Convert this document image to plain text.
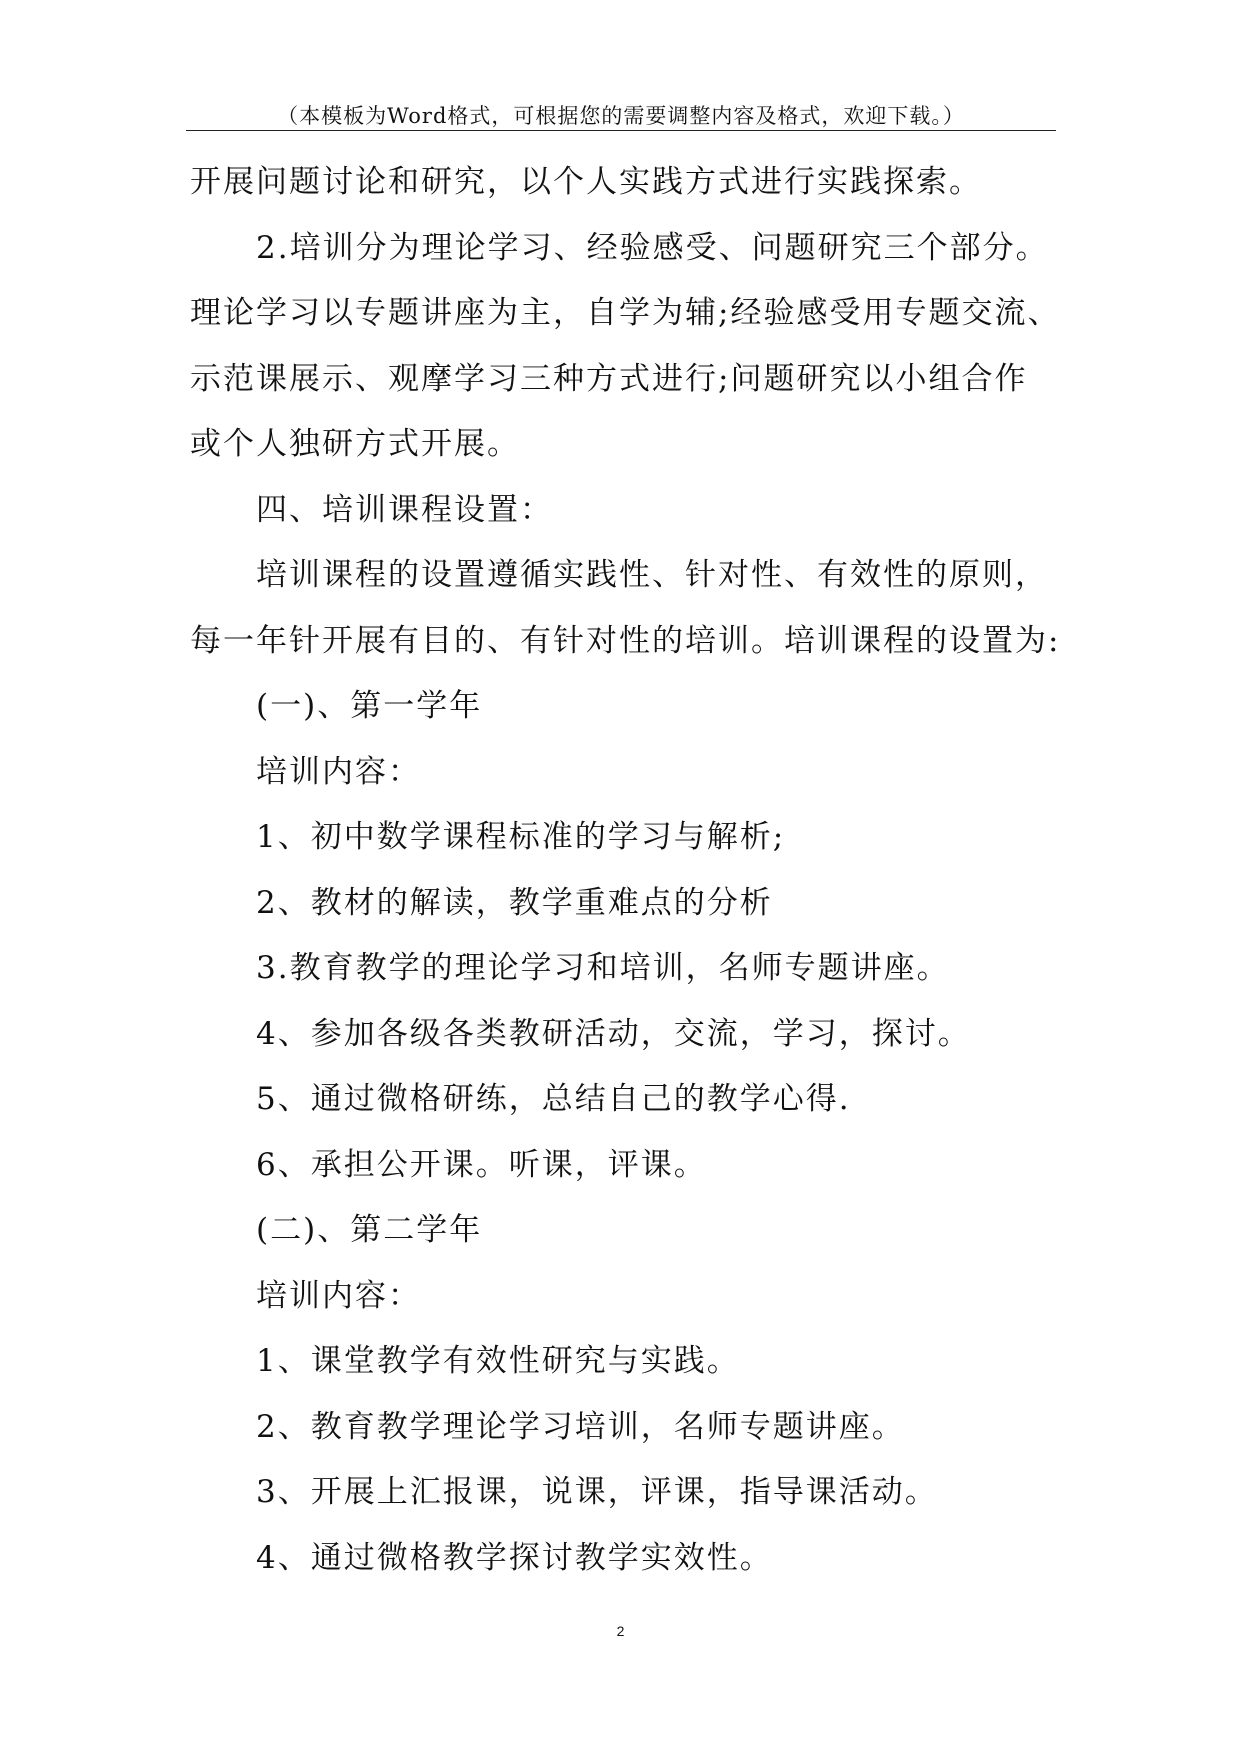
（本模板为Word格式，可根据您的需要调整内容及格式，欢迎下载。）
开展问题讨论和研究，以个人实践方式进行实践探索。
2.培训分为理论学习、经验感受、问题研究三个部分。
理论学习以专题讲座为主，自学为辅;经验感受用专题交流、
示范课展示、观摩学习三种方式进行;问题研究以小组合作
或个人独研方式开展。
四、培训课程设置：
培训课程的设置遵循实践性、针对性、有效性的原则，
每一年针开展有目的、有针对性的培训。培训课程的设置为:
(一)、第一学年
培训内容：
1、初中数学课程标准的学习与解析;
2、教材的解读，教学重难点的分析
3.教育教学的理论学习和培训，名师专题讲座。
4、参加各级各类教研活动，交流，学习，探讨。
5、通过微格研练，总结自己的教学心得.
6、承担公开课。听课，评课。
(二)、第二学年
培训内容：
1、课堂教学有效性研究与实践。
2、教育教学理论学习培训，名师专题讲座。
3、开展上汇报课，说课，评课，指导课活动。
4、通过微格教学探讨教学实效性。
2
